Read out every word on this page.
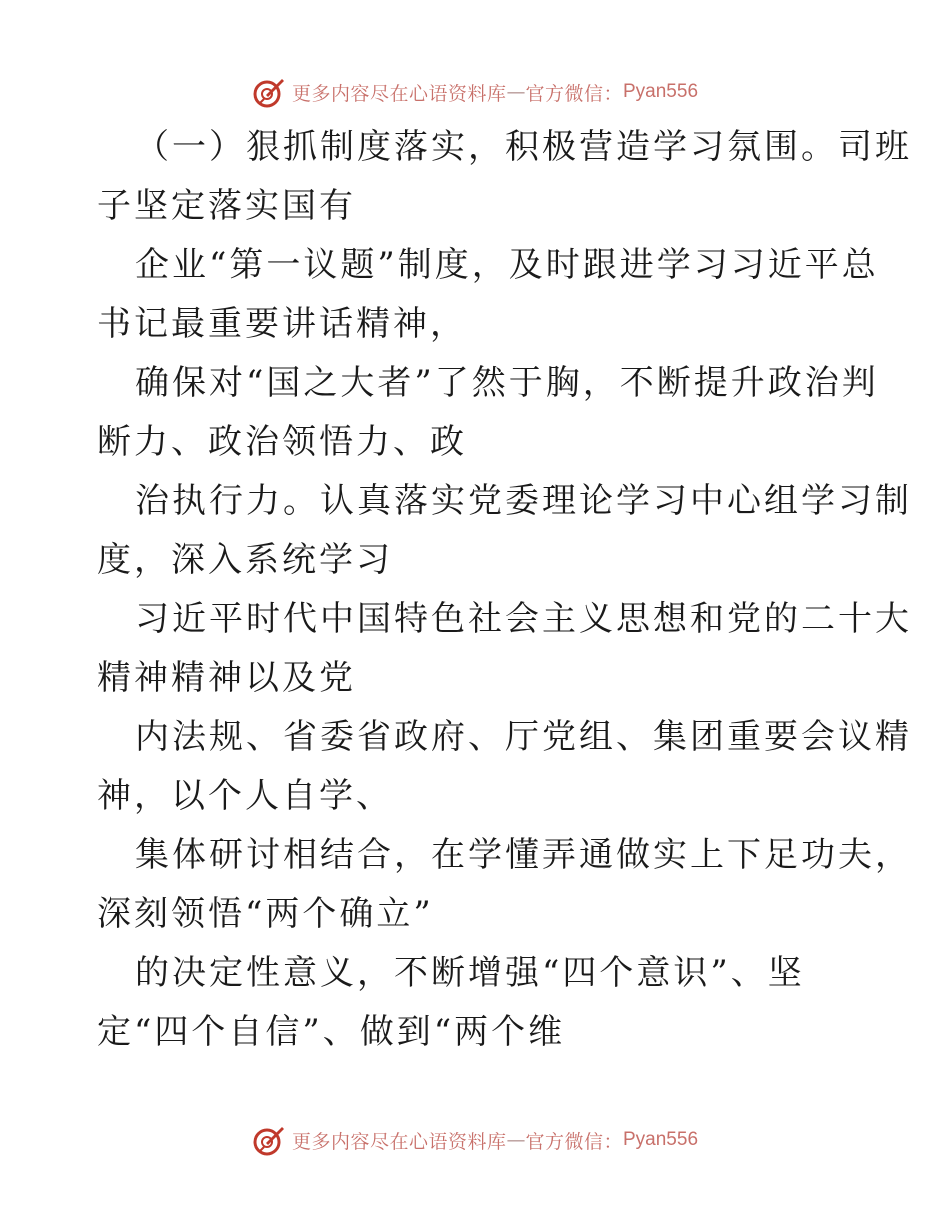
更多内容尽在心语资料库 — 官方微信： Pyan556

（一）狠抓制度落实，积极营造学习氛围。司班
子坚定落实国有

企业“第一议题”制度，及时跟进学习习近平总
书记最重要讲话精神，

确保对“国之大者”了然于胸，不断提升政治判
断力、政治领悟力、政

治执行力。认真落实党委理论学习中心组学习制
度，深入系统学习

习近平时代中国特色社会主义思想和党的二十大
精神精神以及党

内法规、省委省政府、厅党组、集团重要会议精
神，以个人自学、

集体研讨相结合，在学懂弄通做实上下足功夫，
深刻领悟“两个确立”

的决定性意义，不断增强“四个意识”、坚
定“四个自信”、做到“两个维

更多内容尽在心语资料库 — 官方微信： Pyan556
